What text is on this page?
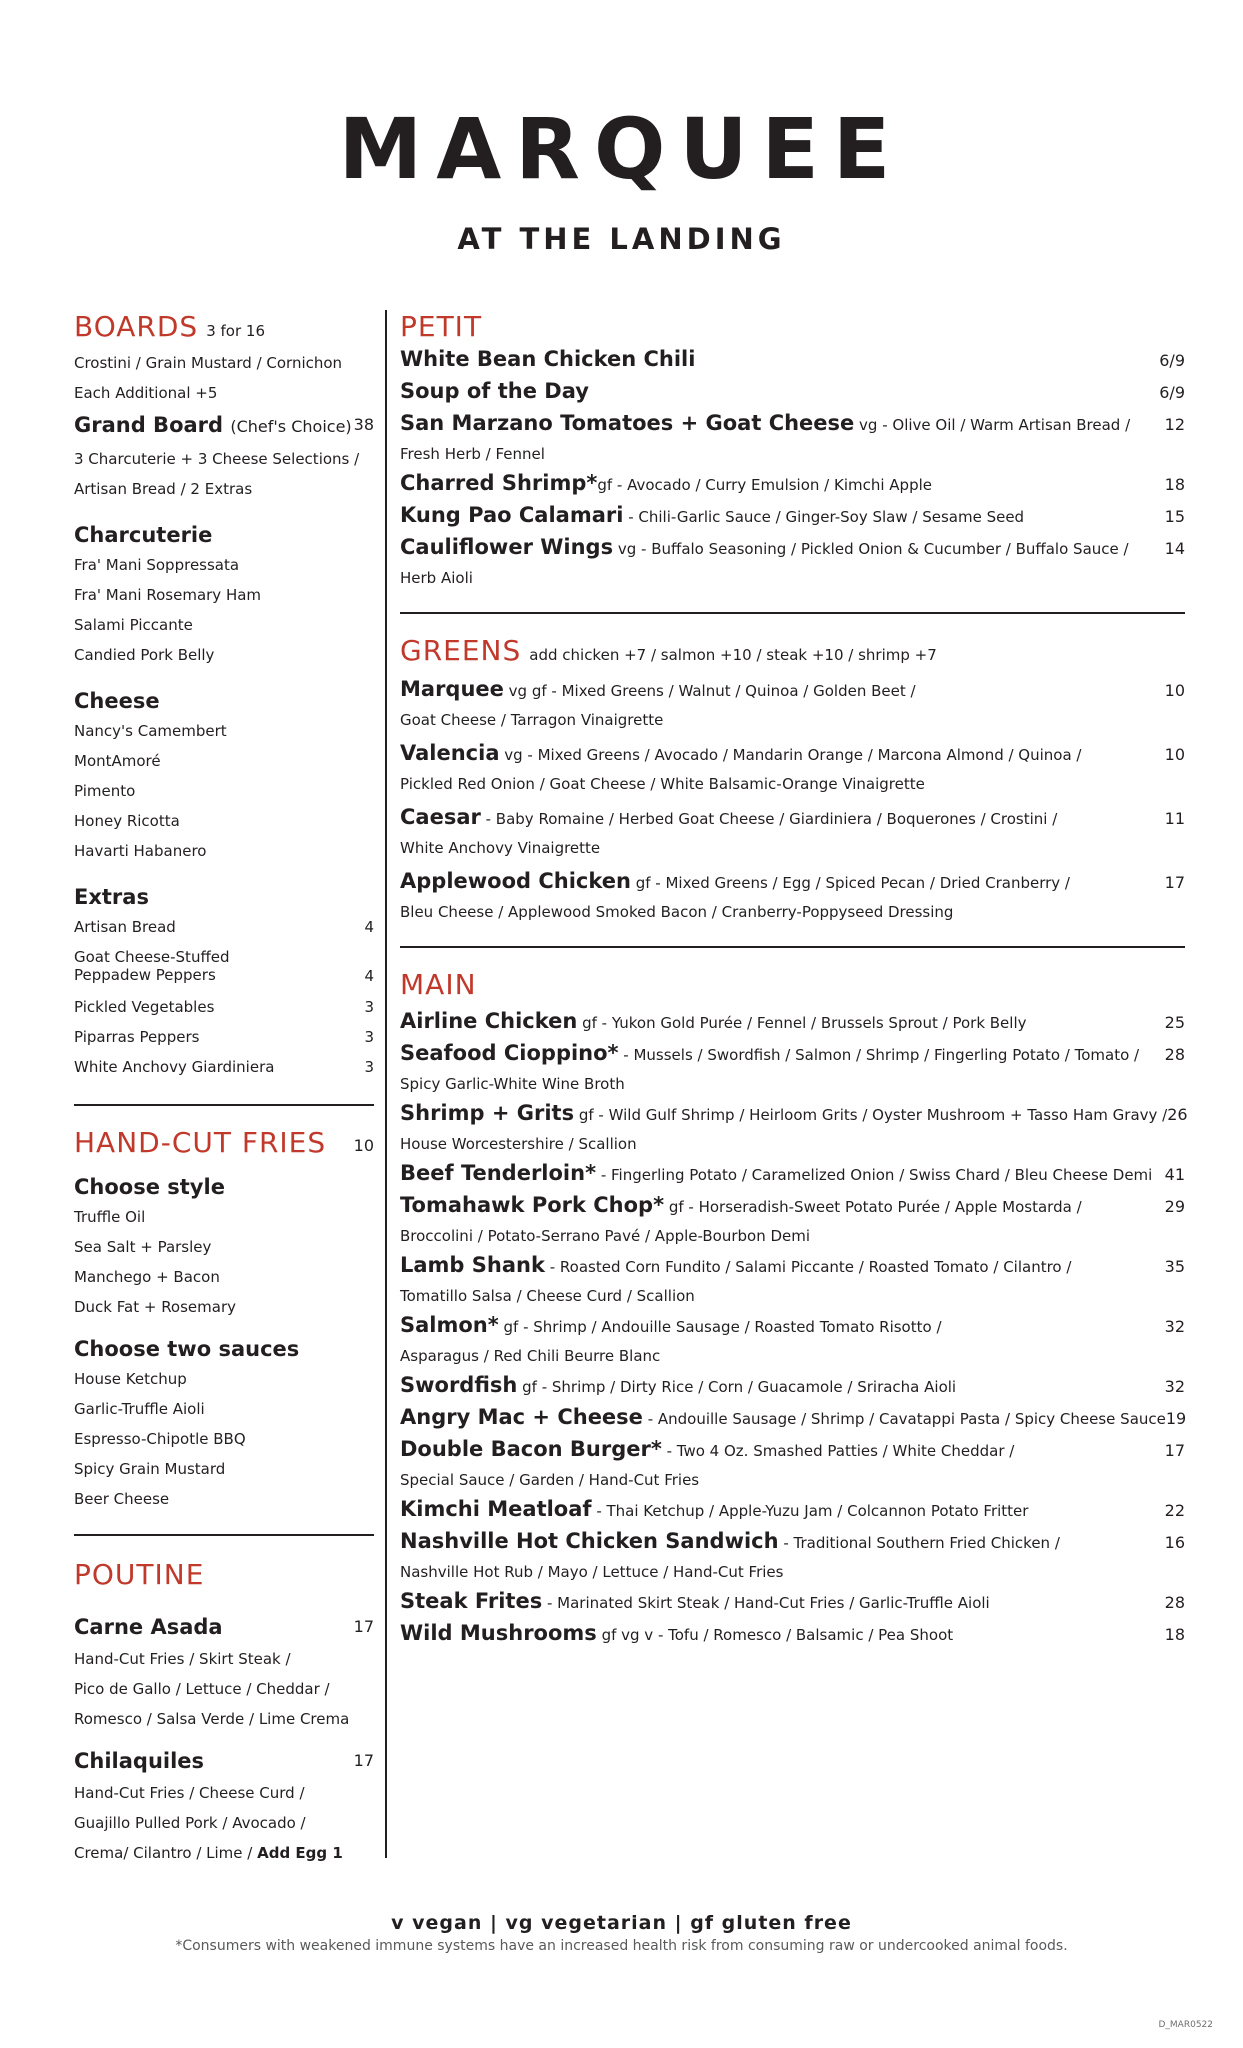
MARQUEE
AT THE LANDING
BOARDS 3 for 16
Crostini / Grain Mustard / Cornichon
Each Additional +5
Grand Board (Chef's Choice) 38
3 Charcuterie + 3 Cheese Selections /
Artisan Bread / 2 Extras
Charcuterie
Fra' Mani Soppressata
Fra' Mani Rosemary Ham
Salami Piccante
Candied Pork Belly
Cheese
Nancy's Camembert
MontAmoré
Pimento
Honey Ricotta
Havarti Habanero
Extras
Artisan Bread	4
Goat Cheese-Stuffed
Peppadew Peppers	4
Pickled Vegetables	3
Piparras Peppers	3
White Anchovy Giardiniera	3
HAND-CUT FRIES 10
Choose style
Truffle Oil
Sea Salt + Parsley
Manchego + Bacon
Duck Fat + Rosemary
Choose two sauces
House Ketchup
Garlic-Truffle Aioli
Espresso-Chipotle BBQ
Spicy Grain Mustard
Beer Cheese
POUTINE
Carne Asada	17
Hand-Cut Fries / Skirt Steak /
Pico de Gallo / Lettuce / Cheddar /
Romesco / Salsa Verde / Lime Crema
Chilaquiles	17
Hand-Cut Fries / Cheese Curd /
Guajillo Pulled Pork / Avocado /
Crema/ Cilantro / Lime / Add Egg 1
PETIT
White Bean Chicken Chili	6/9
Soup of the Day	6/9
San Marzano Tomatoes + Goat Cheese vg - Olive Oil / Warm Artisan Bread / 12
Fresh Herb / Fennel
Charred Shrimp*gf - Avocado / Curry Emulsion / Kimchi Apple	18
Kung Pao Calamari - Chili-Garlic Sauce / Ginger-Soy Slaw / Sesame Seed	15
Cauliflower Wings vg - Buffalo Seasoning / Pickled Onion & Cucumber / Buffalo Sauce / 14
Herb Aioli
GREENS add chicken +7 / salmon +10 / steak +10 / shrimp +7
Marquee vg gf - Mixed Greens / Walnut / Quinoa / Golden Beet /	10
Goat Cheese / Tarragon Vinaigrette
Valencia vg - Mixed Greens / Avocado / Mandarin Orange / Marcona Almond / Quinoa /	10
Pickled Red Onion / Goat Cheese / White Balsamic-Orange Vinaigrette
Caesar - Baby Romaine / Herbed Goat Cheese / Giardiniera / Boquerones / Crostini /	11
White Anchovy Vinaigrette
Applewood Chicken gf - Mixed Greens / Egg / Spiced Pecan / Dried Cranberry /	17
Bleu Cheese / Applewood Smoked Bacon / Cranberry-Poppyseed Dressing
MAIN
Airline Chicken gf - Yukon Gold Purée / Fennel / Brussels Sprout / Pork Belly	25
Seafood Cioppino* - Mussels / Swordfish / Salmon / Shrimp / Fingerling Potato / Tomato / 28
Spicy Garlic-White Wine Broth
Shrimp + Grits gf - Wild Gulf Shrimp / Heirloom Grits / Oyster Mushroom + Tasso Ham Gravy / 26
House Worcestershire / Scallion
Beef Tenderloin* - Fingerling Potato / Caramelized Onion / Swiss Chard / Bleu Cheese Demi 41
Tomahawk Pork Chop* gf - Horseradish-Sweet Potato Purée / Apple Mostarda /	29
Broccolini / Potato-Serrano Pavé / Apple-Bourbon Demi
Lamb Shank - Roasted Corn Fundito / Salami Piccante / Roasted Tomato / Cilantro /	35
Tomatillo Salsa / Cheese Curd / Scallion
Salmon* gf - Shrimp / Andouille Sausage / Roasted Tomato Risotto /	32
Asparagus / Red Chili Beurre Blanc
Swordfish gf - Shrimp / Dirty Rice / Corn / Guacamole / Sriracha Aioli	32
Angry Mac + Cheese - Andouille Sausage / Shrimp / Cavatappi Pasta / Spicy Cheese Sauce 19
Double Bacon Burger* - Two 4 Oz. Smashed Patties / White Cheddar /	17
Special Sauce / Garden / Hand-Cut Fries
Kimchi Meatloaf - Thai Ketchup / Apple-Yuzu Jam / Colcannon Potato Fritter	22
Nashville Hot Chicken Sandwich - Traditional Southern Fried Chicken /	16
Nashville Hot Rub / Mayo / Lettuce / Hand-Cut Fries
Steak Frites - Marinated Skirt Steak / Hand-Cut Fries / Garlic-Truffle Aioli	28
Wild Mushrooms gf vg v - Tofu / Romesco / Balsamic / Pea Shoot	18
v vegan | vg vegetarian | gf gluten free
*Consumers with weakened immune systems have an increased health risk from consuming raw or undercooked animal foods.
D_MAR0522
